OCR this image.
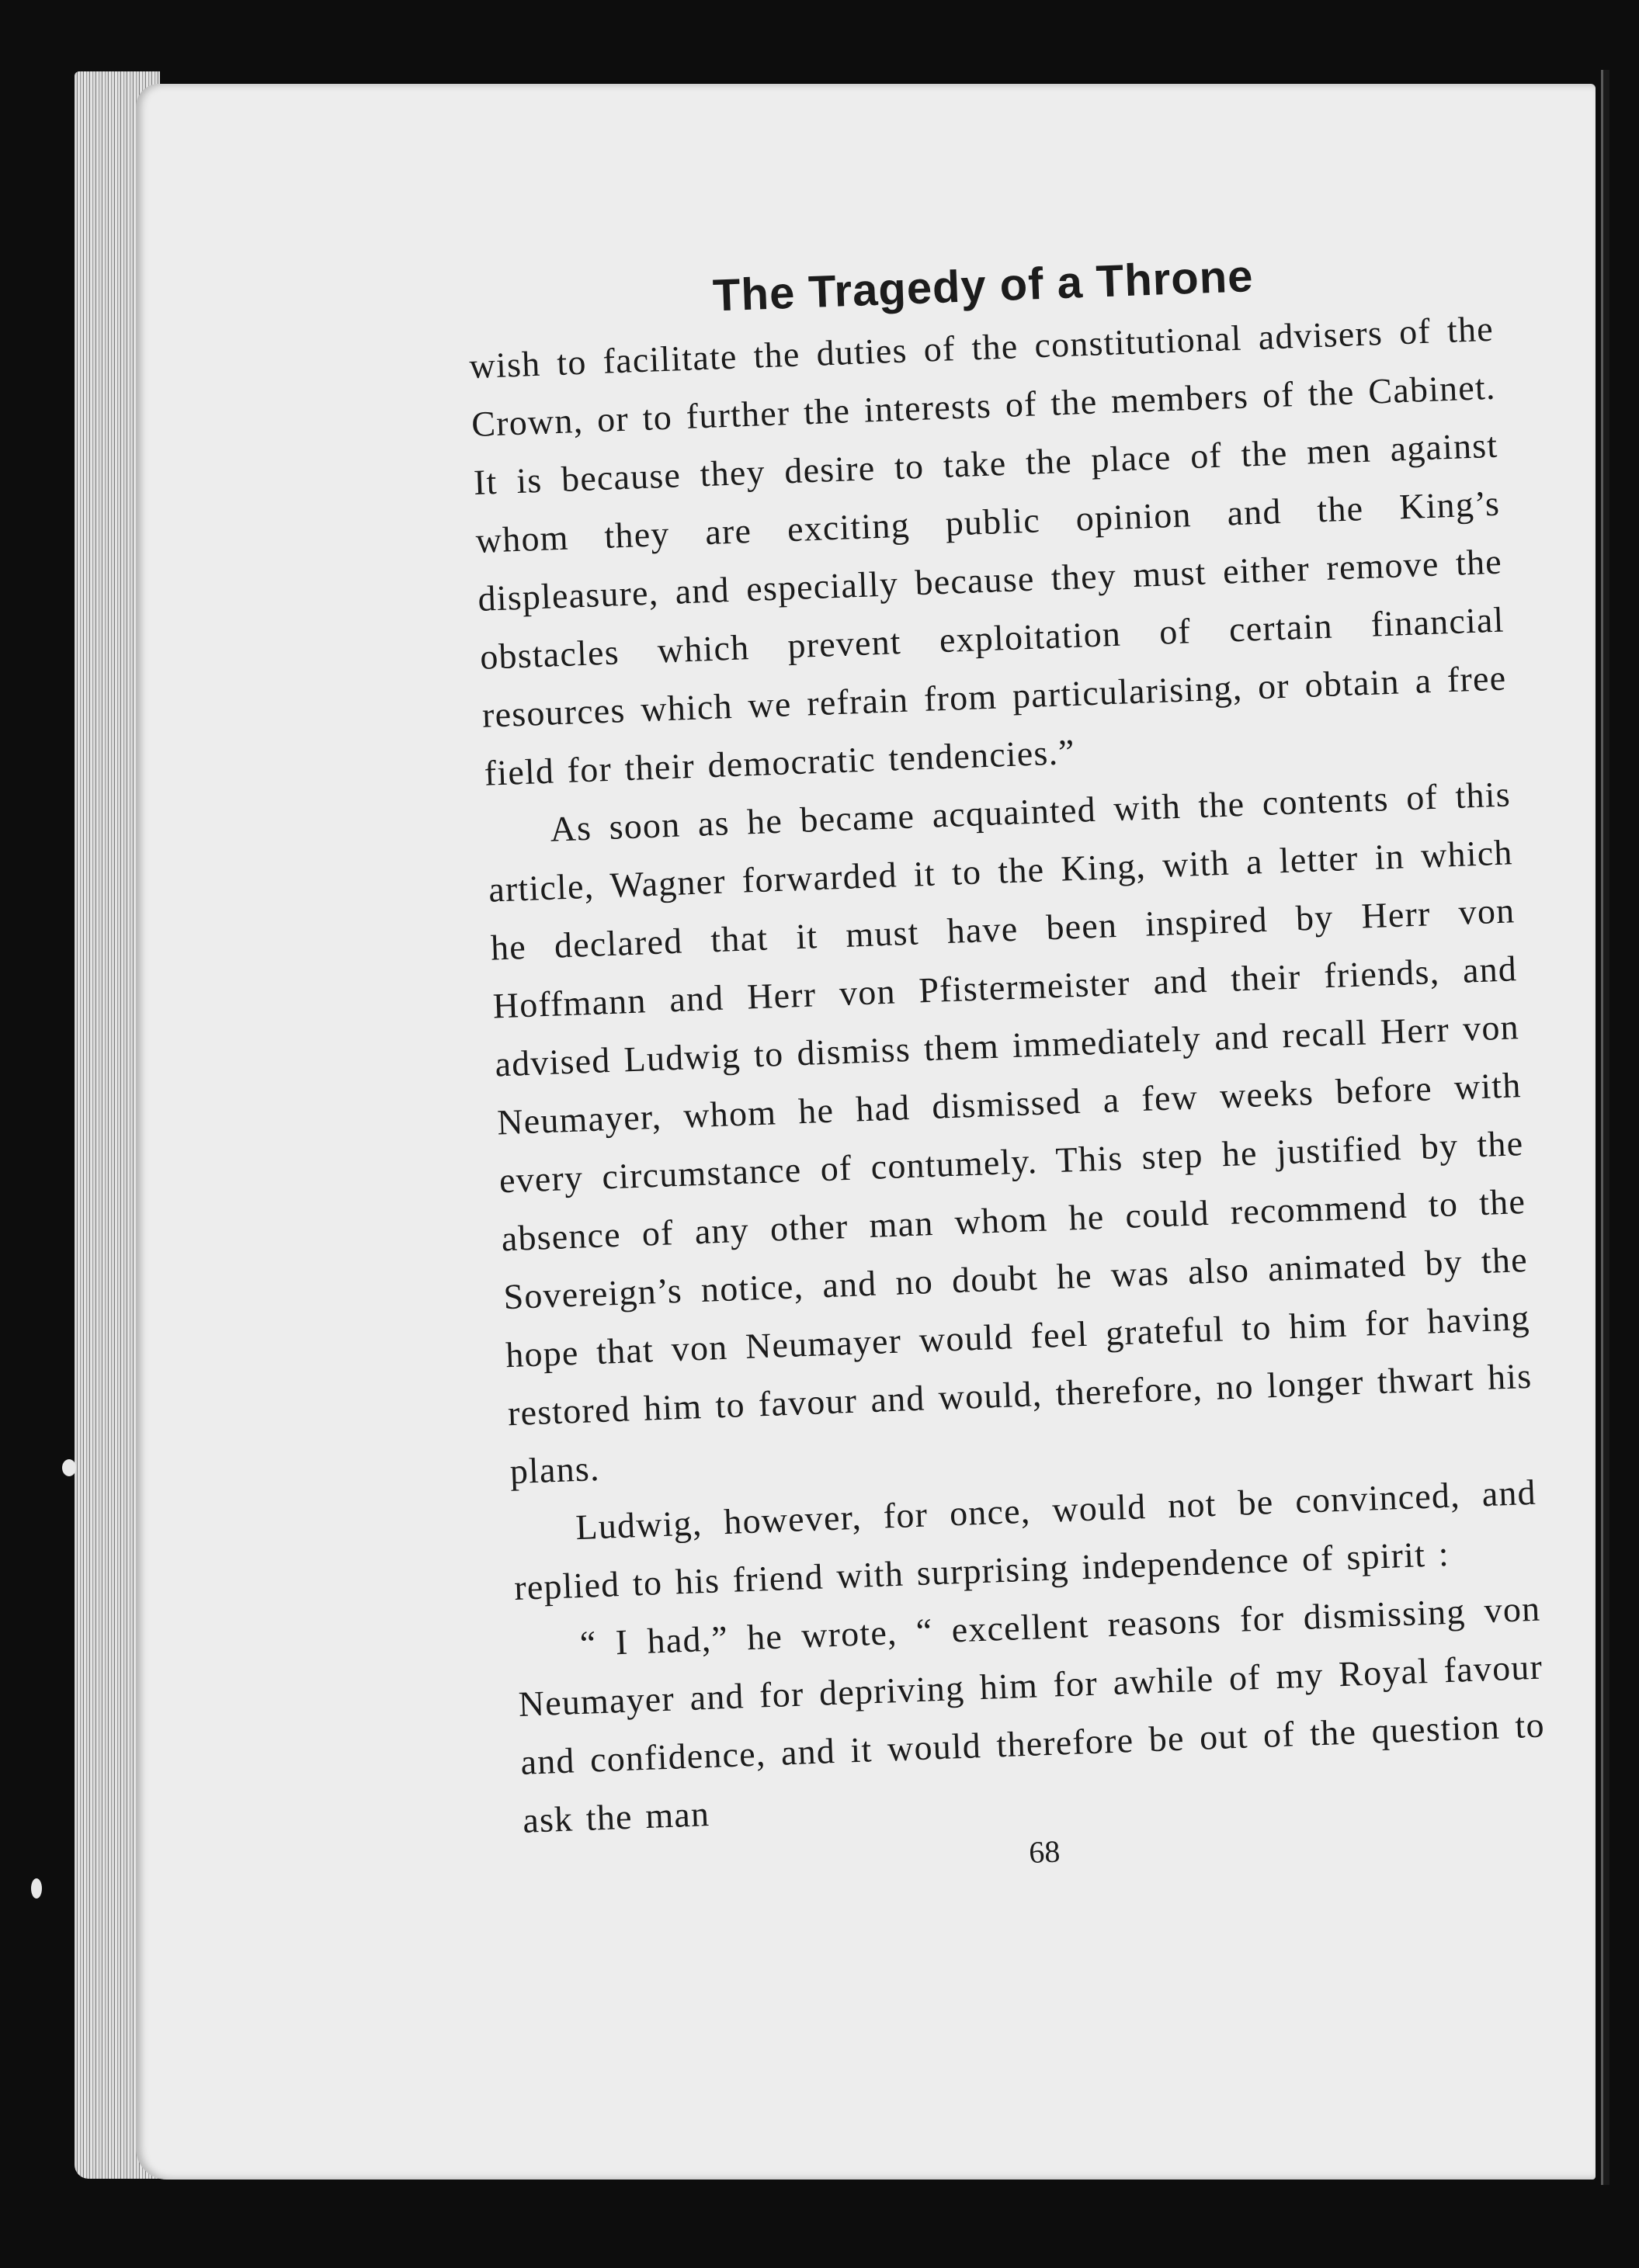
The Tragedy of a Throne

wish to facilitate the duties of the constitutional advisers of the Crown, or to further the interests of the members of the Cabinet. It is because they desire to take the place of the men against whom they are exciting public opinion and the King’s displeasure, and especially because they must either remove the obstacles which prevent exploitation of certain financial resources which we refrain from particularising, or obtain a free field for their democratic tendencies.”

As soon as he became acquainted with the contents of this article, Wagner forwarded it to the King, with a letter in which he declared that it must have been inspired by Herr von Hoffmann and Herr von Pfistermeister and their friends, and advised Ludwig to dismiss them immediately and recall Herr von Neumayer, whom he had dismissed a few weeks before with every circumstance of contumely. This step he justified by the absence of any other man whom he could recommend to the Sovereign’s notice, and no doubt he was also animated by the hope that von Neumayer would feel grateful to him for having restored him to favour and would, therefore, no longer thwart his plans.

Ludwig, however, for once, would not be convinced, and replied to his friend with surprising independence of spirit :

“ I had,” he wrote, “ excellent reasons for dismissing von Neumayer and for depriving him for awhile of my Royal favour and confidence, and it would therefore be out of the question to ask the man

68
